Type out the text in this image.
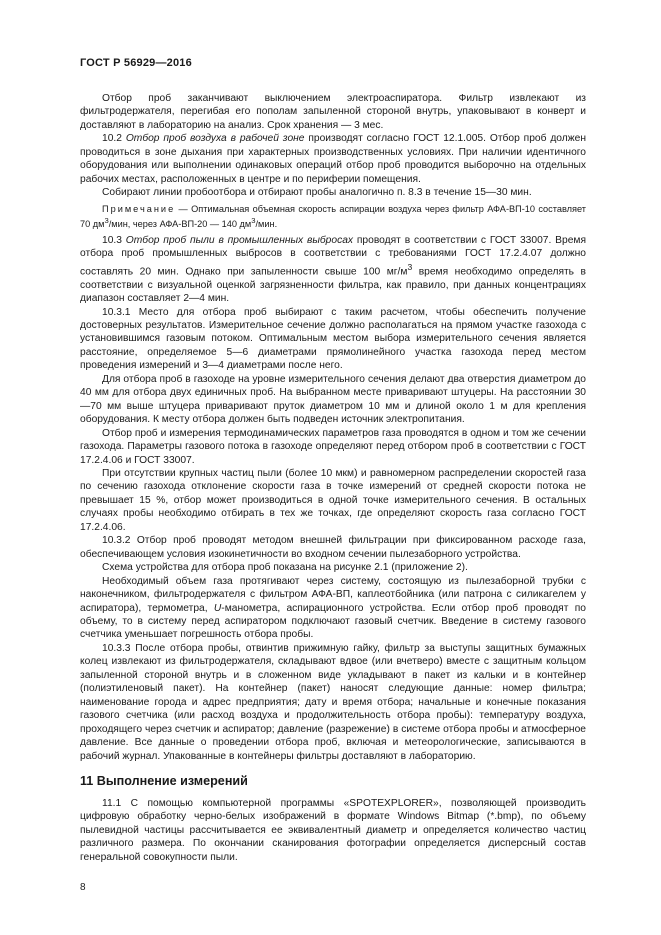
ГОСТ Р 56929—2016

Отбор проб заканчивают выключением электроаспиратора. Фильтр извлекают из фильтродержателя, перегибая его пополам запыленной стороной внутрь, упаковывают в конверт и доставляют в лабораторию на анализ. Срок хранения — 3 мес.

10.2 Отбор проб воздуха в рабочей зоне производят согласно ГОСТ 12.1.005. Отбор проб должен проводиться в зоне дыхания при характерных производственных условиях. При наличии идентичного оборудования или выполнении одинаковых операций отбор проб проводится выборочно на отдельных рабочих местах, расположенных в центре и по периферии помещения.

Собирают линии пробоотбора и отбирают пробы аналогично п. 8.3 в течение 15—30 мин.

Примечание — Оптимальная объемная скорость аспирации воздуха через фильтр АФА-ВП-10 составляет 70 $дм^3$/мин, через АФА-ВП-20 — 140 $дм^3$/мин.

10.3 Отбор проб пыли в промышленных выбросах проводят в соответствии с ГОСТ 33007. Время отбора проб промышленных выбросов в соответствии с требованиями ГОСТ 17.2.4.07 должно составлять 20 мин. Однако при запыленности свыше 100 $мг/м^3$ время необходимо определять в соответствии с визуальной оценкой загрязненности фильтра, как правило, при данных концентрациях диапазон составляет 2—4 мин.

10.3.1 Место для отбора проб выбирают с таким расчетом, чтобы обеспечить получение достоверных результатов. Измерительное сечение должно располагаться на прямом участке газохода с установившимся газовым потоком. Оптимальным местом выбора измерительного сечения является расстояние, определяемое 5—6 диаметрами прямолинейного участка газохода перед местом проведения измерений и 3—4 диаметрами после него.

Для отбора проб в газоходе на уровне измерительного сечения делают два отверстия диаметром до 40 мм для отбора двух единичных проб. На выбранном месте приваривают штуцеры. На расстоянии 30—70 мм выше штуцера приваривают пруток диаметром 10 мм и длиной около 1 м для крепления оборудования. К месту отбора должен быть подведен источник электропитания.

Отбор проб и измерения термодинамических параметров газа проводятся в одном и том же сечении газохода. Параметры газового потока в газоходе определяют перед отбором проб в соответствии с ГОСТ 17.2.4.06 и ГОСТ 33007.

При отсутствии крупных частиц пыли (более 10 мкм) и равномерном распределении скоростей газа по сечению газохода отклонение скорости газа в точке измерений от средней скорости потока не превышает 15 %, отбор может производиться в одной точке измерительного сечения. В остальных случаях пробы необходимо отбирать в тех же точках, где определяют скорость газа согласно ГОСТ 17.2.4.06.

10.3.2 Отбор проб проводят методом внешней фильтрации при фиксированном расходе газа, обеспечивающем условия изокинетичности во входном сечении пылезаборного устройства.

Схема устройства для отбора проб показана на рисунке 2.1 (приложение 2).

Необходимый объем газа протягивают через систему, состоящую из пылезаборной трубки с наконечником, фильтродержателя с фильтром АФА-ВП, каплеотбойника (или патрона с силикагелем у аспиратора), термометра, U-манометра, аспирационного устройства. Если отбор проб проводят по объему, то в систему перед аспиратором подключают газовый счетчик. Введение в систему газового счетчика уменьшает погрешность отбора пробы.

10.3.3 После отбора пробы, отвинтив прижимную гайку, фильтр за выступы защитных бумажных колец извлекают из фильтродержателя, складывают вдвое (или вчетверо) вместе с защитным кольцом запыленной стороной внутрь и в сложенном виде укладывают в пакет из кальки и в контейнер (полиэтиленовый пакет). На контейнер (пакет) наносят следующие данные: номер фильтра; наименование города и адрес предприятия; дату и время отбора; начальные и конечные показания газового счетчика (или расход воздуха и продолжительность отбора пробы): температуру воздуха, проходящего через счетчик и аспиратор; давление (разрежение) в системе отбора пробы и атмосферное давление. Все данные о проведении отбора проб, включая и метеорологические, записываются в рабочий журнал. Упакованные в контейнеры фильтры доставляют в лабораторию.

11 Выполнение измерений

11.1 С помощью компьютерной программы «SPOTEXPLORER», позволяющей производить цифровую обработку черно-белых изображений в формате Windows Bitmap (*.bmp), по объему пылевидной частицы рассчитывается ее эквивалентный диаметр и определяется количество частиц различного размера. По окончании сканирования фотографии определяется дисперсный состав генеральной совокупности пыли.

8
